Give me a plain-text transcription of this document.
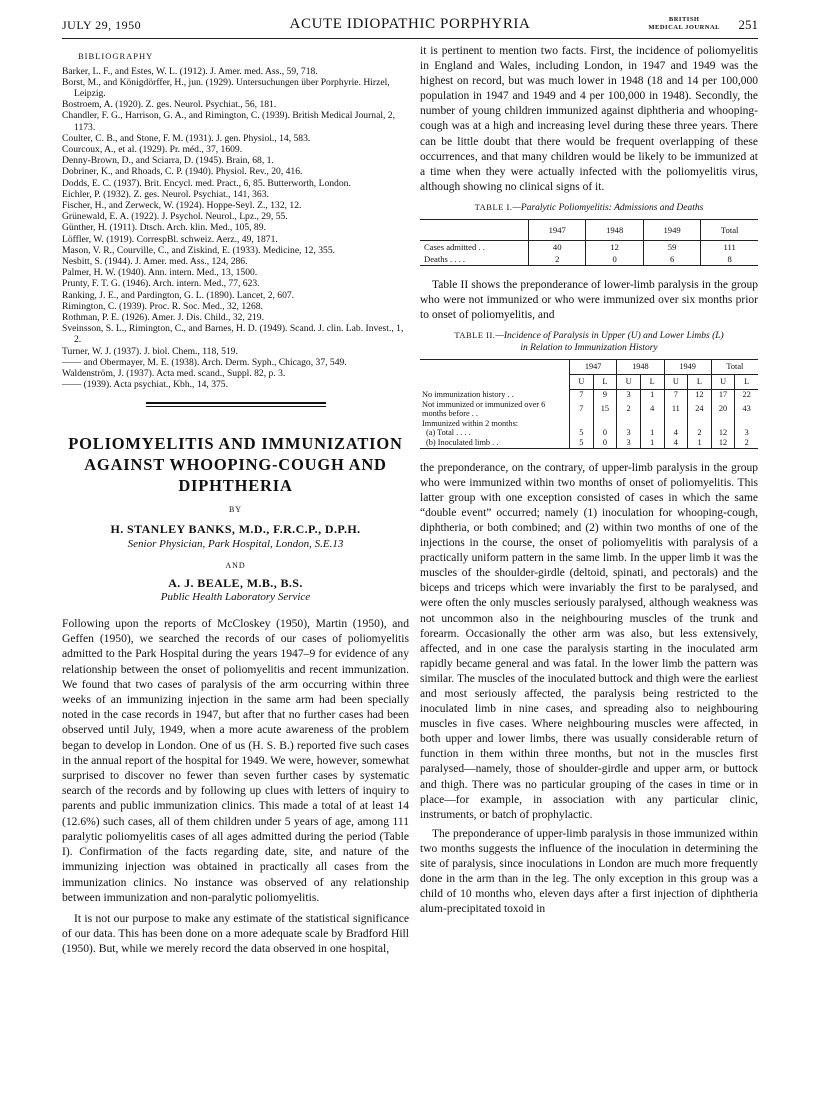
JULY 29, 1950	ACUTE IDIOPATHIC PORPHYRIA	BRITISH
MEDICAL JOURNAL 251
BIBLIOGRAPHY

Barker, L. F., and Estes, W. L. (1912). J. Amer. med. Ass., 59, 718.

Borst, M., and Königdörffer, H., jun. (1929). Untersuchungen über Porphyrie. Hirzel, Leipzig.

Bostroem, A. (1920). Z. ges. Neurol. Psychiat., 56, 181.

Chandler, F. G., Harrison, G. A., and Rimington, C. (1939). British Medical Journal, 2, 1173.

Coulter, C. B., and Stone, F. M. (1931). J. gen. Physiol., 14, 583.

Courcoux, A., et al. (1929). Pr. méd., 37, 1609.

Denny-Brown, D., and Sciarra, D. (1945). Brain, 68, 1.

Dobriner, K., and Rhoads, C. P. (1940). Physiol. Rev., 20, 416.

Dodds, E. C. (1937). Brit. Encycl. med. Pract., 6, 85. Butterworth, London.

Eichler, P. (1932). Z. ges. Neurol. Psychiat., 141, 363.

Fischer, H., and Zerweck, W. (1924). Hoppe-Seyl. Z., 132, 12.

Grünewald, E. A. (1922). J. Psychol. Neurol., Lpz., 29, 55.

Günther, H. (1911). Dtsch. Arch. klin. Med., 105, 89.

Löffler, W. (1919). CorrespBl. schweiz. Aerz., 49, 1871.

Mason, V. R., Courville, C., and Ziskind, E. (1933). Medicine, 12, 355.

Nesbitt, S. (1944). J. Amer. med. Ass., 124, 286.

Palmer, H. W. (1940). Ann. intern. Med., 13, 1500.

Prunty, F. T. G. (1946). Arch. intern. Med., 77, 623.

Ranking, J. E., and Pardington, G. L. (1890). Lancet, 2, 607.

Rimington, C. (1939). Proc. R. Soc. Med., 32, 1268.

Rothman, P. E. (1926). Amer. J. Dis. Child., 32, 219.

Sveinsson, S. L., Rimington, C., and Barnes, H. D. (1949). Scand. J. clin. Lab. Invest., 1, 2.

Turner, W. J. (1937). J. biol. Chem., 118, 519.

—— and Obermayer, M. E. (1938). Arch. Derm. Syph., Chicago, 37, 549.

Waldenström, J. (1937). Acta med. scand., Suppl. 82, p. 3.

—— (1939). Acta psychiat., Kbh., 14, 375.

POLIOMYELITIS AND IMMUNIZATION
AGAINST WHOOPING-COUGH AND
DIPHTHERIA
BY
H. STANLEY BANKS, M.D., F.R.C.P., D.P.H.
Senior Physician, Park Hospital, London, S.E.13
AND
A. J. BEALE, M.B., B.S.
Public Health Laboratory Service

Following upon the reports of McCloskey (1950), Martin (1950), and Geffen (1950), we searched the records of our cases of poliomyelitis admitted to the Park Hospital during the years 1947–9 for evidence of any relationship between the onset of poliomyelitis and recent immunization. We found that two cases of paralysis of the arm occurring within three weeks of an immunizing injection in the same arm had been specially noted in the case records in 1947, but after that no further cases had been observed until July, 1949, when a more acute awareness of the problem began to develop in London. One of us (H. S. B.) reported five such cases in the annual report of the hospital for 1949. We were, however, somewhat surprised to discover no fewer than seven further cases by systematic search of the records and by following up clues with letters of inquiry to parents and public immunization clinics. This made a total of at least 14 (12.6%) such cases, all of them children under 5 years of age, among 111 paralytic poliomyelitis cases of all ages admitted during the period (Table I). Confirmation of the facts regarding date, site, and nature of the immunizing injection was obtained in practically all cases from the immunization clinics. No instance was observed of any relationship between immunization and non-paralytic poliomyelitis.

It is not our purpose to make any estimate of the statistical significance of our data. This has been done on a more adequate scale by Bradford Hill (1950). But, while we merely record the data observed in one hospital,

it is pertinent to mention two facts. First, the incidence of poliomyelitis in England and Wales, including London, in 1947 and 1949 was the highest on record, but was much lower in 1948 (18 and 14 per 100,000 population in 1947 and 1949 and 4 per 100,000 in 1948). Secondly, the number of young children immunized against diphtheria and whooping-cough was at a high and increasing level during these three years. There can be little doubt that there would be frequent overlapping of these occurrences, and that many children would be likely to be immunized at a time when they were actually infected with the poliomyelitis virus, although showing no clinical signs of it.

TABLE I.—Paralytic Poliomyelitis: Admissions and Deaths
	1947	1948	1949	Total
Cases admitted . .	40	12	59	111
Deaths . . . .	2	0	6	8

Table II shows the preponderance of lower-limb paralysis in the group who were not immunized or who were immunized over six months prior to onset of poliomyelitis, and

TABLE II.—Incidence of Paralysis in Upper (U) and Lower Limbs (L)
in Relation to Immunization History
	1947		1948		1949		Total	
	U	L	U	L	U	L	U	L
No immunization history . .	7	9	3	1	7	12	17	22
Not immunized or immunized over 6 months before . .	7	15	2	4	11	24	20	43
Immunized within 2 months:								
(a) Total . . . .	5	0	3	1	4	2	12	3
(b) Inoculated limb . .	5	0	3	1	4	1	12	2

the preponderance, on the contrary, of upper-limb paralysis in the group who were immunized within two months of onset of poliomyelitis. This latter group with one exception consisted of cases in which the same “double event” occurred; namely (1) inoculation for whooping-cough, diphtheria, or both combined; and (2) within two months of one of the injections in the course, the onset of poliomyelitis with paralysis of a practically uniform pattern in the same limb. In the upper limb it was the muscles of the shoulder-girdle (deltoid, spinati, and pectorals) and the biceps and triceps which were invariably the first to be paralysed, and were often the only muscles seriously paralysed, although weakness was not uncommon also in the neighbouring muscles of the trunk and forearm. Occasionally the other arm was also, but less extensively, affected, and in one case the paralysis starting in the inoculated arm rapidly became general and was fatal. In the lower limb the pattern was similar. The muscles of the inoculated buttock and thigh were the earliest and most seriously affected, the paralysis being restricted to the inoculated limb in nine cases, and spreading also to neighbouring muscles in five cases. Where neighbouring muscles were affected, in both upper and lower limbs, there was usually considerable return of function in them within three months, but not in the muscles first paralysed—namely, those of shoulder-girdle and upper arm, or buttock and thigh. There was no particular grouping of the cases in time or in place—for example, in association with any particular clinic, instruments, or batch of prophylactic.

The preponderance of upper-limb paralysis in those immunized within two months suggests the influence of the inoculation in determining the site of paralysis, since inoculations in London are much more frequently done in the arm than in the leg. The only exception in this group was a child of 10 months who, eleven days after a first injection of diphtheria alum-precipitated toxoid in
